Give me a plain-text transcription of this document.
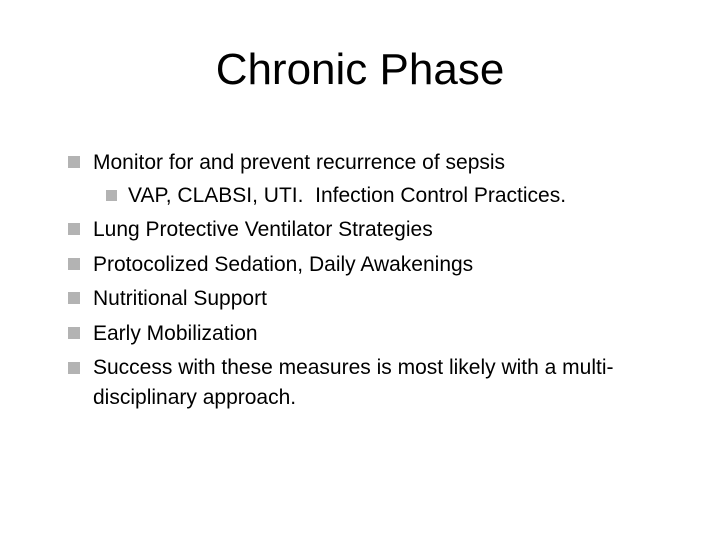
Chronic Phase
Monitor for and prevent recurrence of sepsis
VAP, CLABSI, UTI.  Infection Control Practices.
Lung Protective Ventilator Strategies
Protocolized Sedation, Daily Awakenings
Nutritional Support
Early Mobilization
Success with these measures is most likely with a multi-disciplinary approach.
